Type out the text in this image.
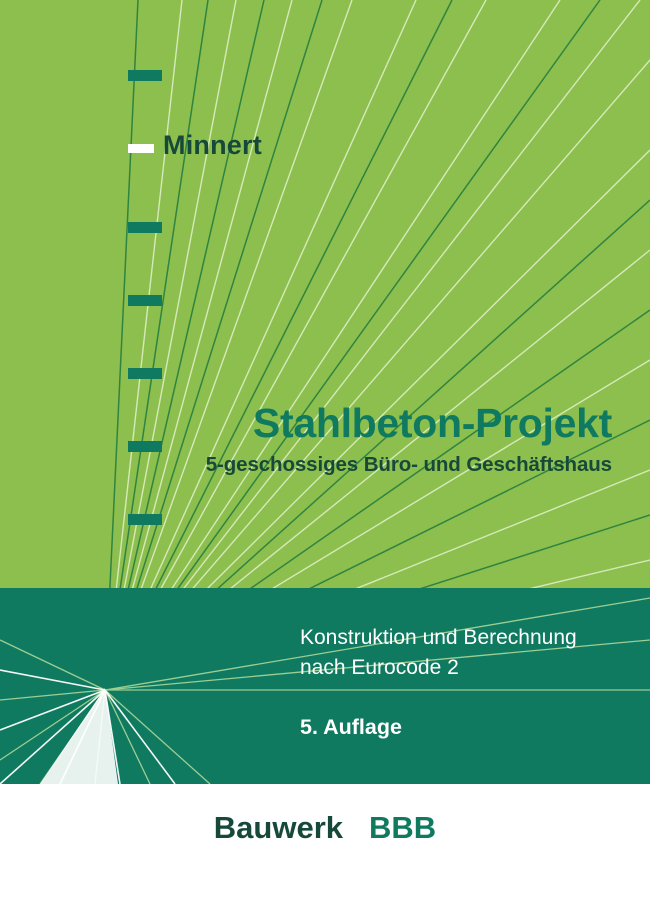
Minnert
Stahlbeton-Projekt
5-geschossiges Büro- und Geschäftshaus
Konstruktion und Berechnung
nach Eurocode 2
5. Auflage
Bauwerk BBB
